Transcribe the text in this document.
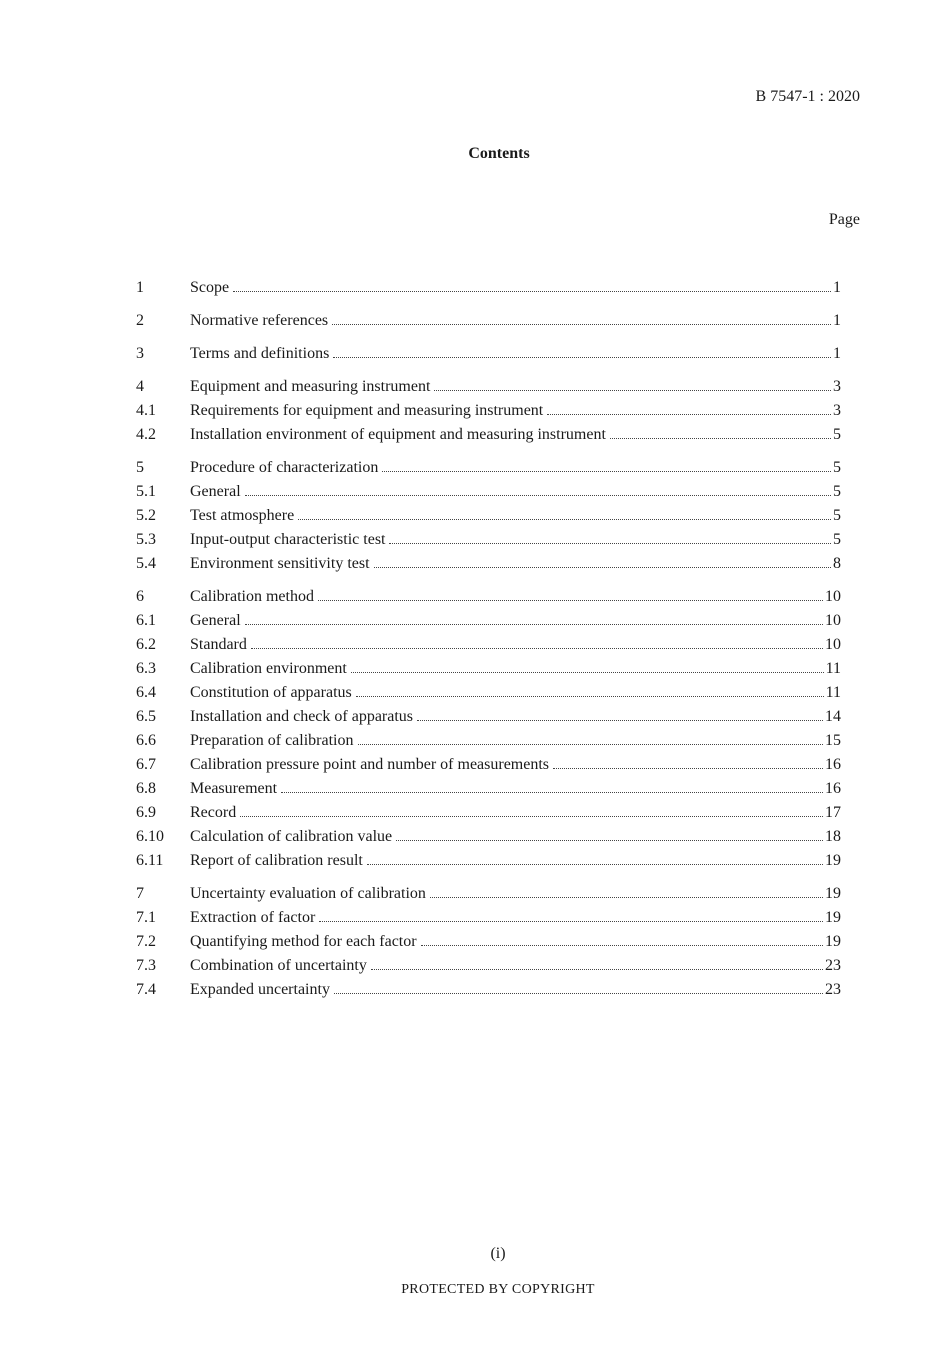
B 7547-1 : 2020
Contents
Page
1	Scope	1
2	Normative references	1
3	Terms and definitions	1
4	Equipment and measuring instrument	3
4.1	Requirements for equipment and measuring instrument	3
4.2	Installation environment of equipment and measuring instrument	5
5	Procedure of characterization	5
5.1	General	5
5.2	Test atmosphere	5
5.3	Input-output characteristic test	5
5.4	Environment sensitivity test	8
6	Calibration method	10
6.1	General	10
6.2	Standard	10
6.3	Calibration environment	11
6.4	Constitution of apparatus	11
6.5	Installation and check of apparatus	14
6.6	Preparation of calibration	15
6.7	Calibration pressure point and number of measurements	16
6.8	Measurement	16
6.9	Record	17
6.10	Calculation of calibration value	18
6.11	Report of calibration result	19
7	Uncertainty evaluation of calibration	19
7.1	Extraction of factor	19
7.2	Quantifying method for each factor	19
7.3	Combination of uncertainty	23
7.4	Expanded uncertainty	23
(i)
PROTECTED BY COPYRIGHT
